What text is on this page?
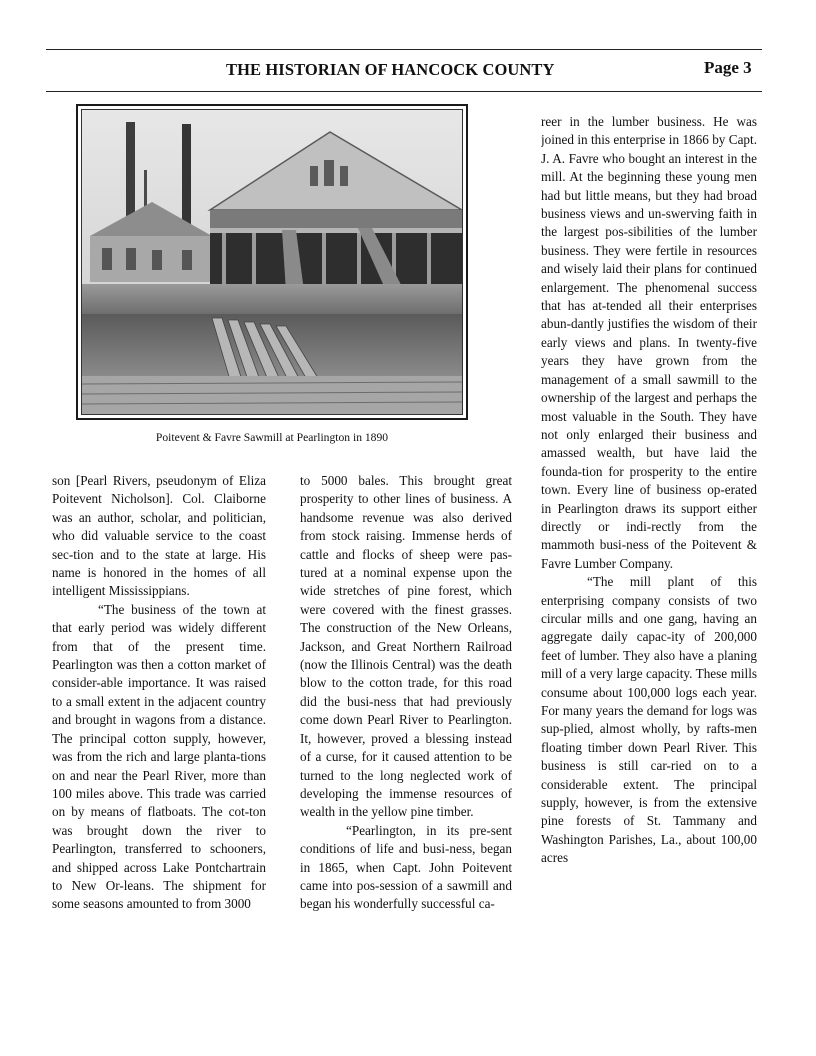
THE HISTORIAN OF HANCOCK COUNTY	Page 3
Poitevent & Favre Sawmill at Pearlington in 1890

son [Pearl Rivers, pseudonym of Eliza Poitevent Nicholson]. Col. Claiborne was an author, scholar, and politician, who did valuable service to the coast sec-tion and to the state at large. His name is honored in the homes of all intelligent Mississippians.

“The business of the town at that early period was widely different from that of the present time. Pearlington was then a cotton market of consider-able importance. It was raised to a small extent in the adjacent country and brought in wagons from a distance. The principal cotton supply, however, was from the rich and large planta-tions on and near the Pearl River, more than 100 miles above. This trade was carried on by means of flatboats. The cot-ton was brought down the river to Pearlington, transferred to schooners, and shipped across Lake Pontchartrain to New Or-leans. The shipment for some seasons amounted to from 3000

to 5000 bales. This brought great prosperity to other lines of business. A handsome revenue was also derived from stock raising. Immense herds of cattle and flocks of sheep were pas-tured at a nominal expense upon the wide stretches of pine forest, which were covered with the finest grasses. The construction of the New Orleans, Jackson, and Great Northern Railroad (now the Illinois Central) was the death blow to the cotton trade, for this road did the busi-ness that had previously come down Pearl River to Pearlington. It, however, proved a blessing instead of a curse, for it caused attention to be turned to the long neglected work of developing the immense resources of wealth in the yellow pine timber.

“Pearlington, in its pre-sent conditions of life and busi-ness, began in 1865, when Capt. John Poitevent came into pos-session of a sawmill and began his wonderfully successful ca-

reer in the lumber business. He was joined in this enterprise in 1866 by Capt. J. A. Favre who bought an interest in the mill. At the beginning these young men had but little means, but they had broad business views and un-swerving faith in the largest pos-sibilities of the lumber business. They were fertile in resources and wisely laid their plans for continued enlargement. The phenomenal success that has at-tended all their enterprises abun-dantly justifies the wisdom of their early views and plans. In twenty-five years they have grown from the management of a small sawmill to the ownership of the largest and perhaps the most valuable in the South. They have not only enlarged their business and amassed wealth, but have laid the founda-tion for prosperity to the entire town. Every line of business op-erated in Pearlington draws its support either directly or indi-rectly from the mammoth busi-ness of the Poitevent & Favre Lumber Company.

“The mill plant of this enterprising company consists of two circular mills and one gang, having an aggregate daily capac-ity of 200,000 feet of lumber. They also have a planing mill of a very large capacity. These mills consume about 100,000 logs each year. For many years the demand for logs was sup-plied, almost wholly, by rafts-men floating timber down Pearl River. This business is still car-ried on to a considerable extent. The principal supply, however, is from the extensive pine forests of St. Tammany and Washington Parishes, La., about 100,00 acres
